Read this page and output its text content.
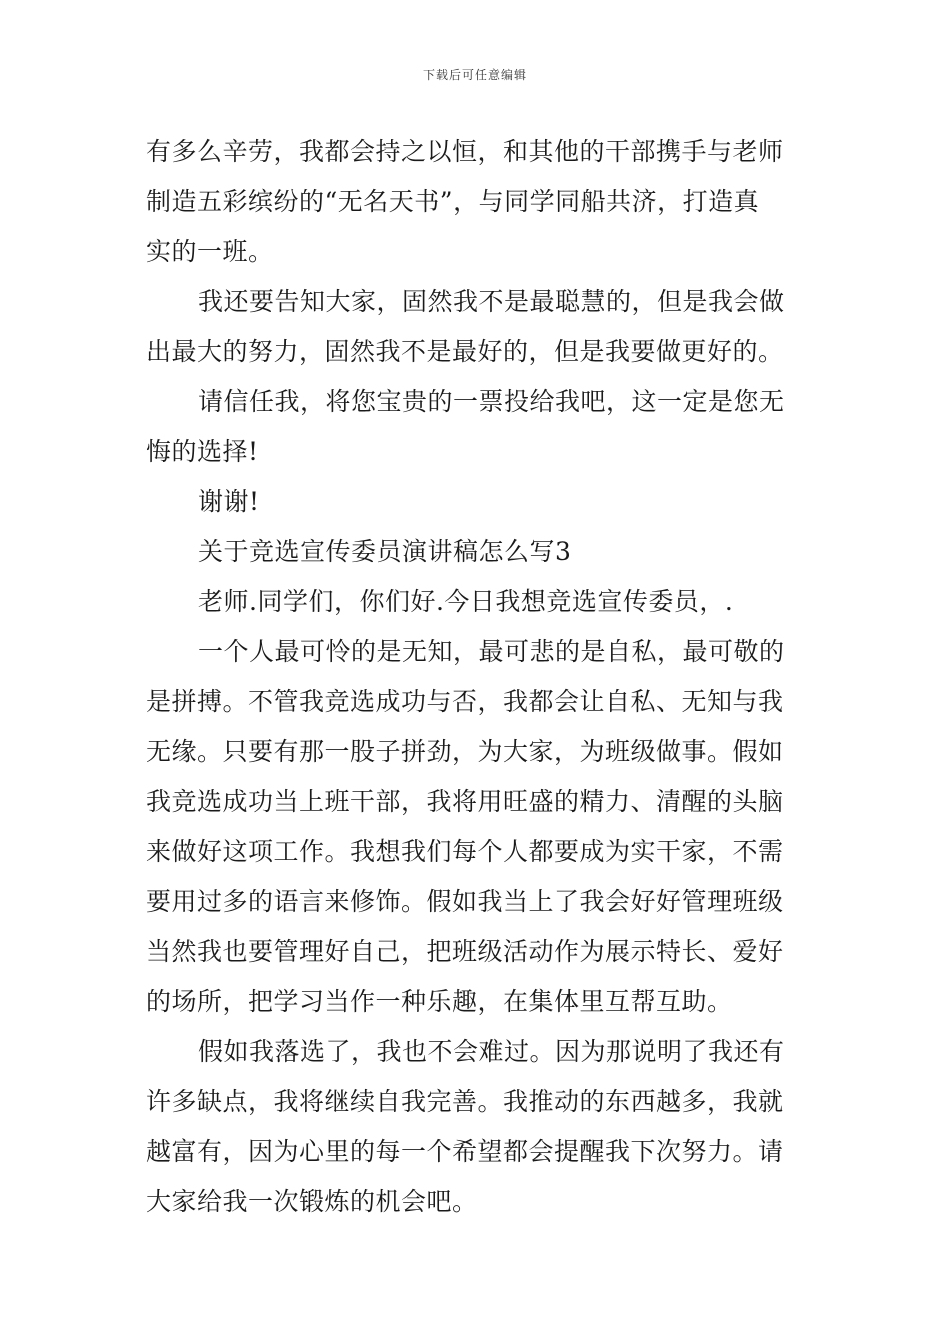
下载后可任意编辑
有多么辛劳，我都会持之以恒，和其他的干部携手与老师
制造五彩缤纷的“无名天书”，与同学同船共济，打造真
实的一班。
我还要告知大家，固然我不是最聪慧的，但是我会做
出最大的努力，固然我不是最好的，但是我要做更好的。
请信任我，将您宝贵的一票投给我吧，这一定是您无
悔的选择!
谢谢!
关于竞选宣传委员演讲稿怎么写3
老师.同学们，你们好.今日我想竞选宣传委员，.
一个人最可怜的是无知，最可悲的是自私，最可敬的
是拼搏。不管我竞选成功与否，我都会让自私、无知与我
无缘。只要有那一股子拼劲，为大家，为班级做事。假如
我竞选成功当上班干部，我将用旺盛的精力、清醒的头脑
来做好这项工作。我想我们每个人都要成为实干家，不需
要用过多的语言来修饰。假如我当上了我会好好管理班级
当然我也要管理好自己，把班级活动作为展示特长、爱好
的场所，把学习当作一种乐趣，在集体里互帮互助。
假如我落选了，我也不会难过。因为那说明了我还有
许多缺点，我将继续自我完善。我推动的东西越多，我就
越富有，因为心里的每一个希望都会提醒我下次努力。请
大家给我一次锻炼的机会吧。
